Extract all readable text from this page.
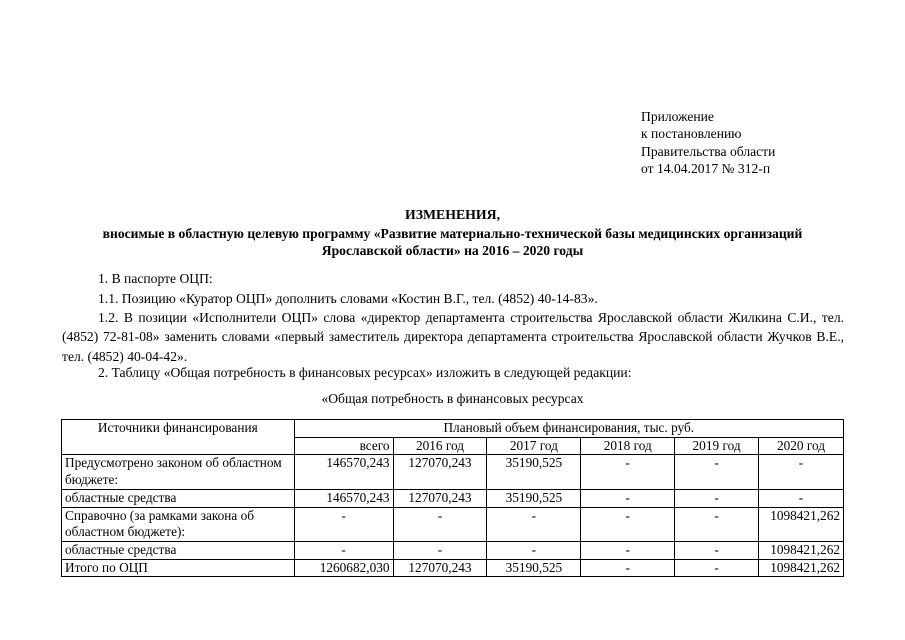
Приложение
к постановлению
Правительства области
от 14.04.2017 № 312-п
ИЗМЕНЕНИЯ,
вносимые в областную целевую программу «Развитие материально-технической базы медицинских организаций
Ярославской области» на 2016 – 2020 годы
1. В паспорте ОЦП:
1.1. Позицию «Куратор ОЦП» дополнить словами «Костин В.Г., тел. (4852) 40-14-83».
1.2. В позиции «Исполнители ОЦП» слова «директор департамента строительства Ярославской области Жилкина С.И., тел. (4852) 72-81-08» заменить словами «первый заместитель директора департамента строительства Ярославской области Жучков В.Е., тел. (4852) 40-04-42».
2. Таблицу «Общая потребность в финансовых ресурсах» изложить в следующей редакции:
«Общая потребность в финансовых ресурсах
Источники финансирования	Плановый объем финансирования, тыс. руб.					
	всего	2016 год	2017 год	2018 год	2019 год	2020 год
Предусмотрено законом об областном бюджете:	146570,243	127070,243	35190,525	-	-	-
областные средства	146570,243	127070,243	35190,525	-	-	-
Справочно (за рамками закона об областном бюджете):	-	-	-	-	-	1098421,262
областные средства	-	-	-	-	-	1098421,262
Итого по ОЦП	1260682,030	127070,243	35190,525	-	-	1098421,262
